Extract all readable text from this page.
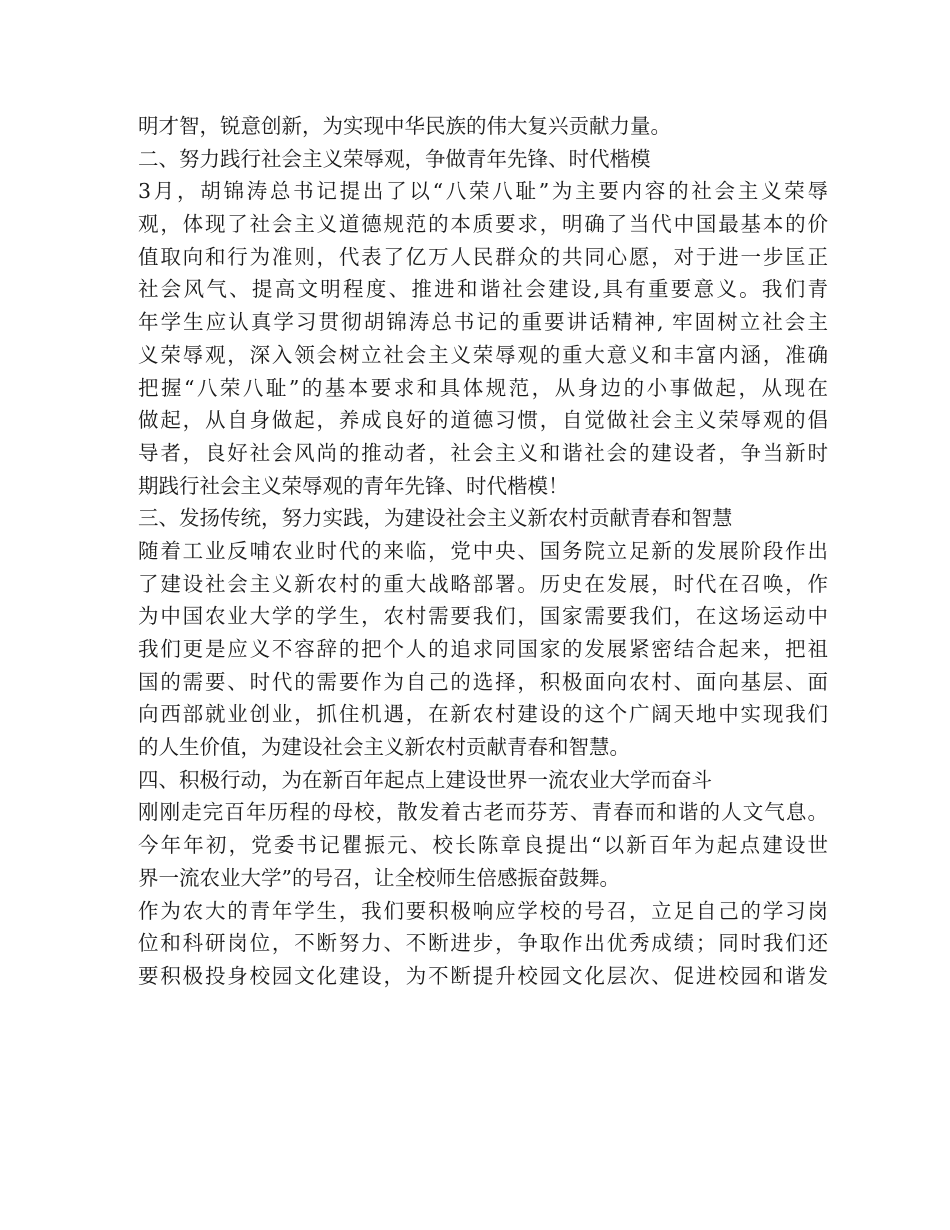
明才智，锐意创新，为实现中华民族的伟大复兴贡献力量。
二、努力践行社会主义荣辱观，争做青年先锋、时代楷模
3月，胡锦涛总书记提出了以“八荣八耻”为主要内容的社会主义荣辱
观，体现了社会主义道德规范的本质要求，明确了当代中国最基本的价
值取向和行为准则，代表了亿万人民群众的共同心愿，对于进一步匡正
社会风气、提高文明程度、推进和谐社会建设,具有重要意义。我们青
年学生应认真学习贯彻胡锦涛总书记的重要讲话精神, 牢固树立社会主
义荣辱观，深入领会树立社会主义荣辱观的重大意义和丰富内涵，准确
把握“八荣八耻”的基本要求和具体规范，从身边的小事做起，从现在
做起，从自身做起，养成良好的道德习惯，自觉做社会主义荣辱观的倡
导者，良好社会风尚的推动者，社会主义和谐社会的建设者，争当新时
期践行社会主义荣辱观的青年先锋、时代楷模！
三、发扬传统，努力实践，为建设社会主义新农村贡献青春和智慧
随着工业反哺农业时代的来临，党中央、国务院立足新的发展阶段作出
了建设社会主义新农村的重大战略部署。历史在发展，时代在召唤，作
为中国农业大学的学生，农村需要我们，国家需要我们，在这场运动中
我们更是应义不容辞的把个人的追求同国家的发展紧密结合起来，把祖
国的需要、时代的需要作为自己的选择，积极面向农村、面向基层、面
向西部就业创业，抓住机遇，在新农村建设的这个广阔天地中实现我们
的人生价值，为建设社会主义新农村贡献青春和智慧。
四、积极行动，为在新百年起点上建设世界一流农业大学而奋斗
刚刚走完百年历程的母校，散发着古老而芬芳、青春而和谐的人文气息。
今年年初，党委书记瞿振元、校长陈章良提出“以新百年为起点建设世
界一流农业大学”的号召，让全校师生倍感振奋鼓舞。
作为农大的青年学生，我们要积极响应学校的号召，立足自己的学习岗
位和科研岗位，不断努力、不断进步，争取作出优秀成绩；同时我们还
要积极投身校园文化建设，为不断提升校园文化层次、促进校园和谐发
